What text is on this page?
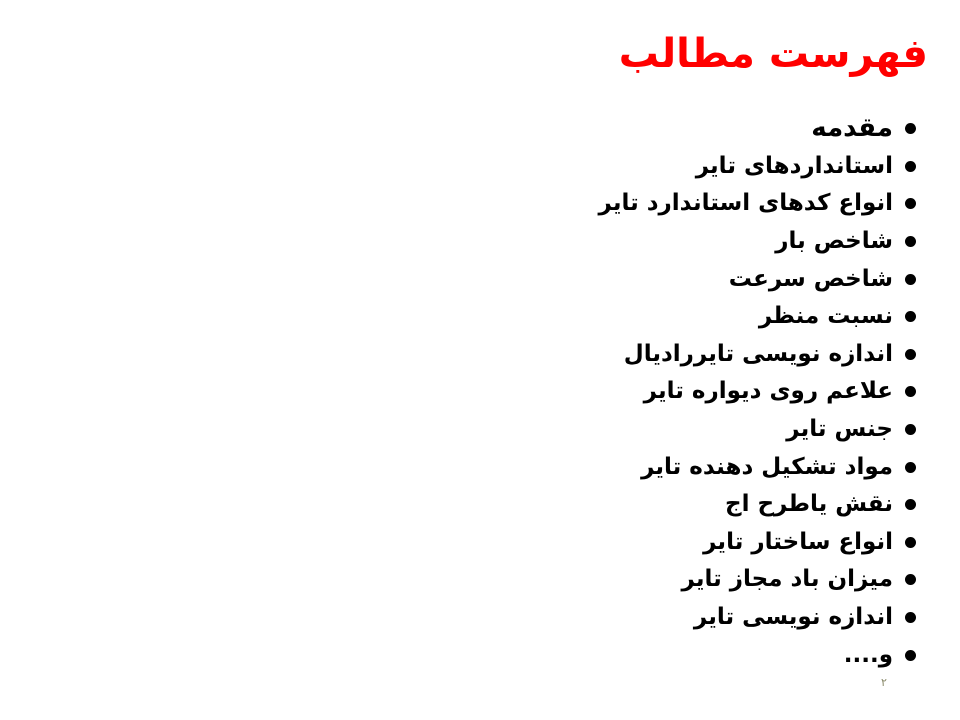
فهرست مطالب
مقدمه
استانداردهای تایر
انواع کدهای استاندارد تایر
شاخص بار
شاخص سرعت
نسبت منظر
اندازه نویسی تایررادیال
علاعم روی دیواره تایر
جنس تایر
مواد تشکیل دهنده تایر
نقش یاطرح اج
انواع ساختار تایر
میزان باد مجاز تایر
اندازه نویسی تایر
و....
۲
